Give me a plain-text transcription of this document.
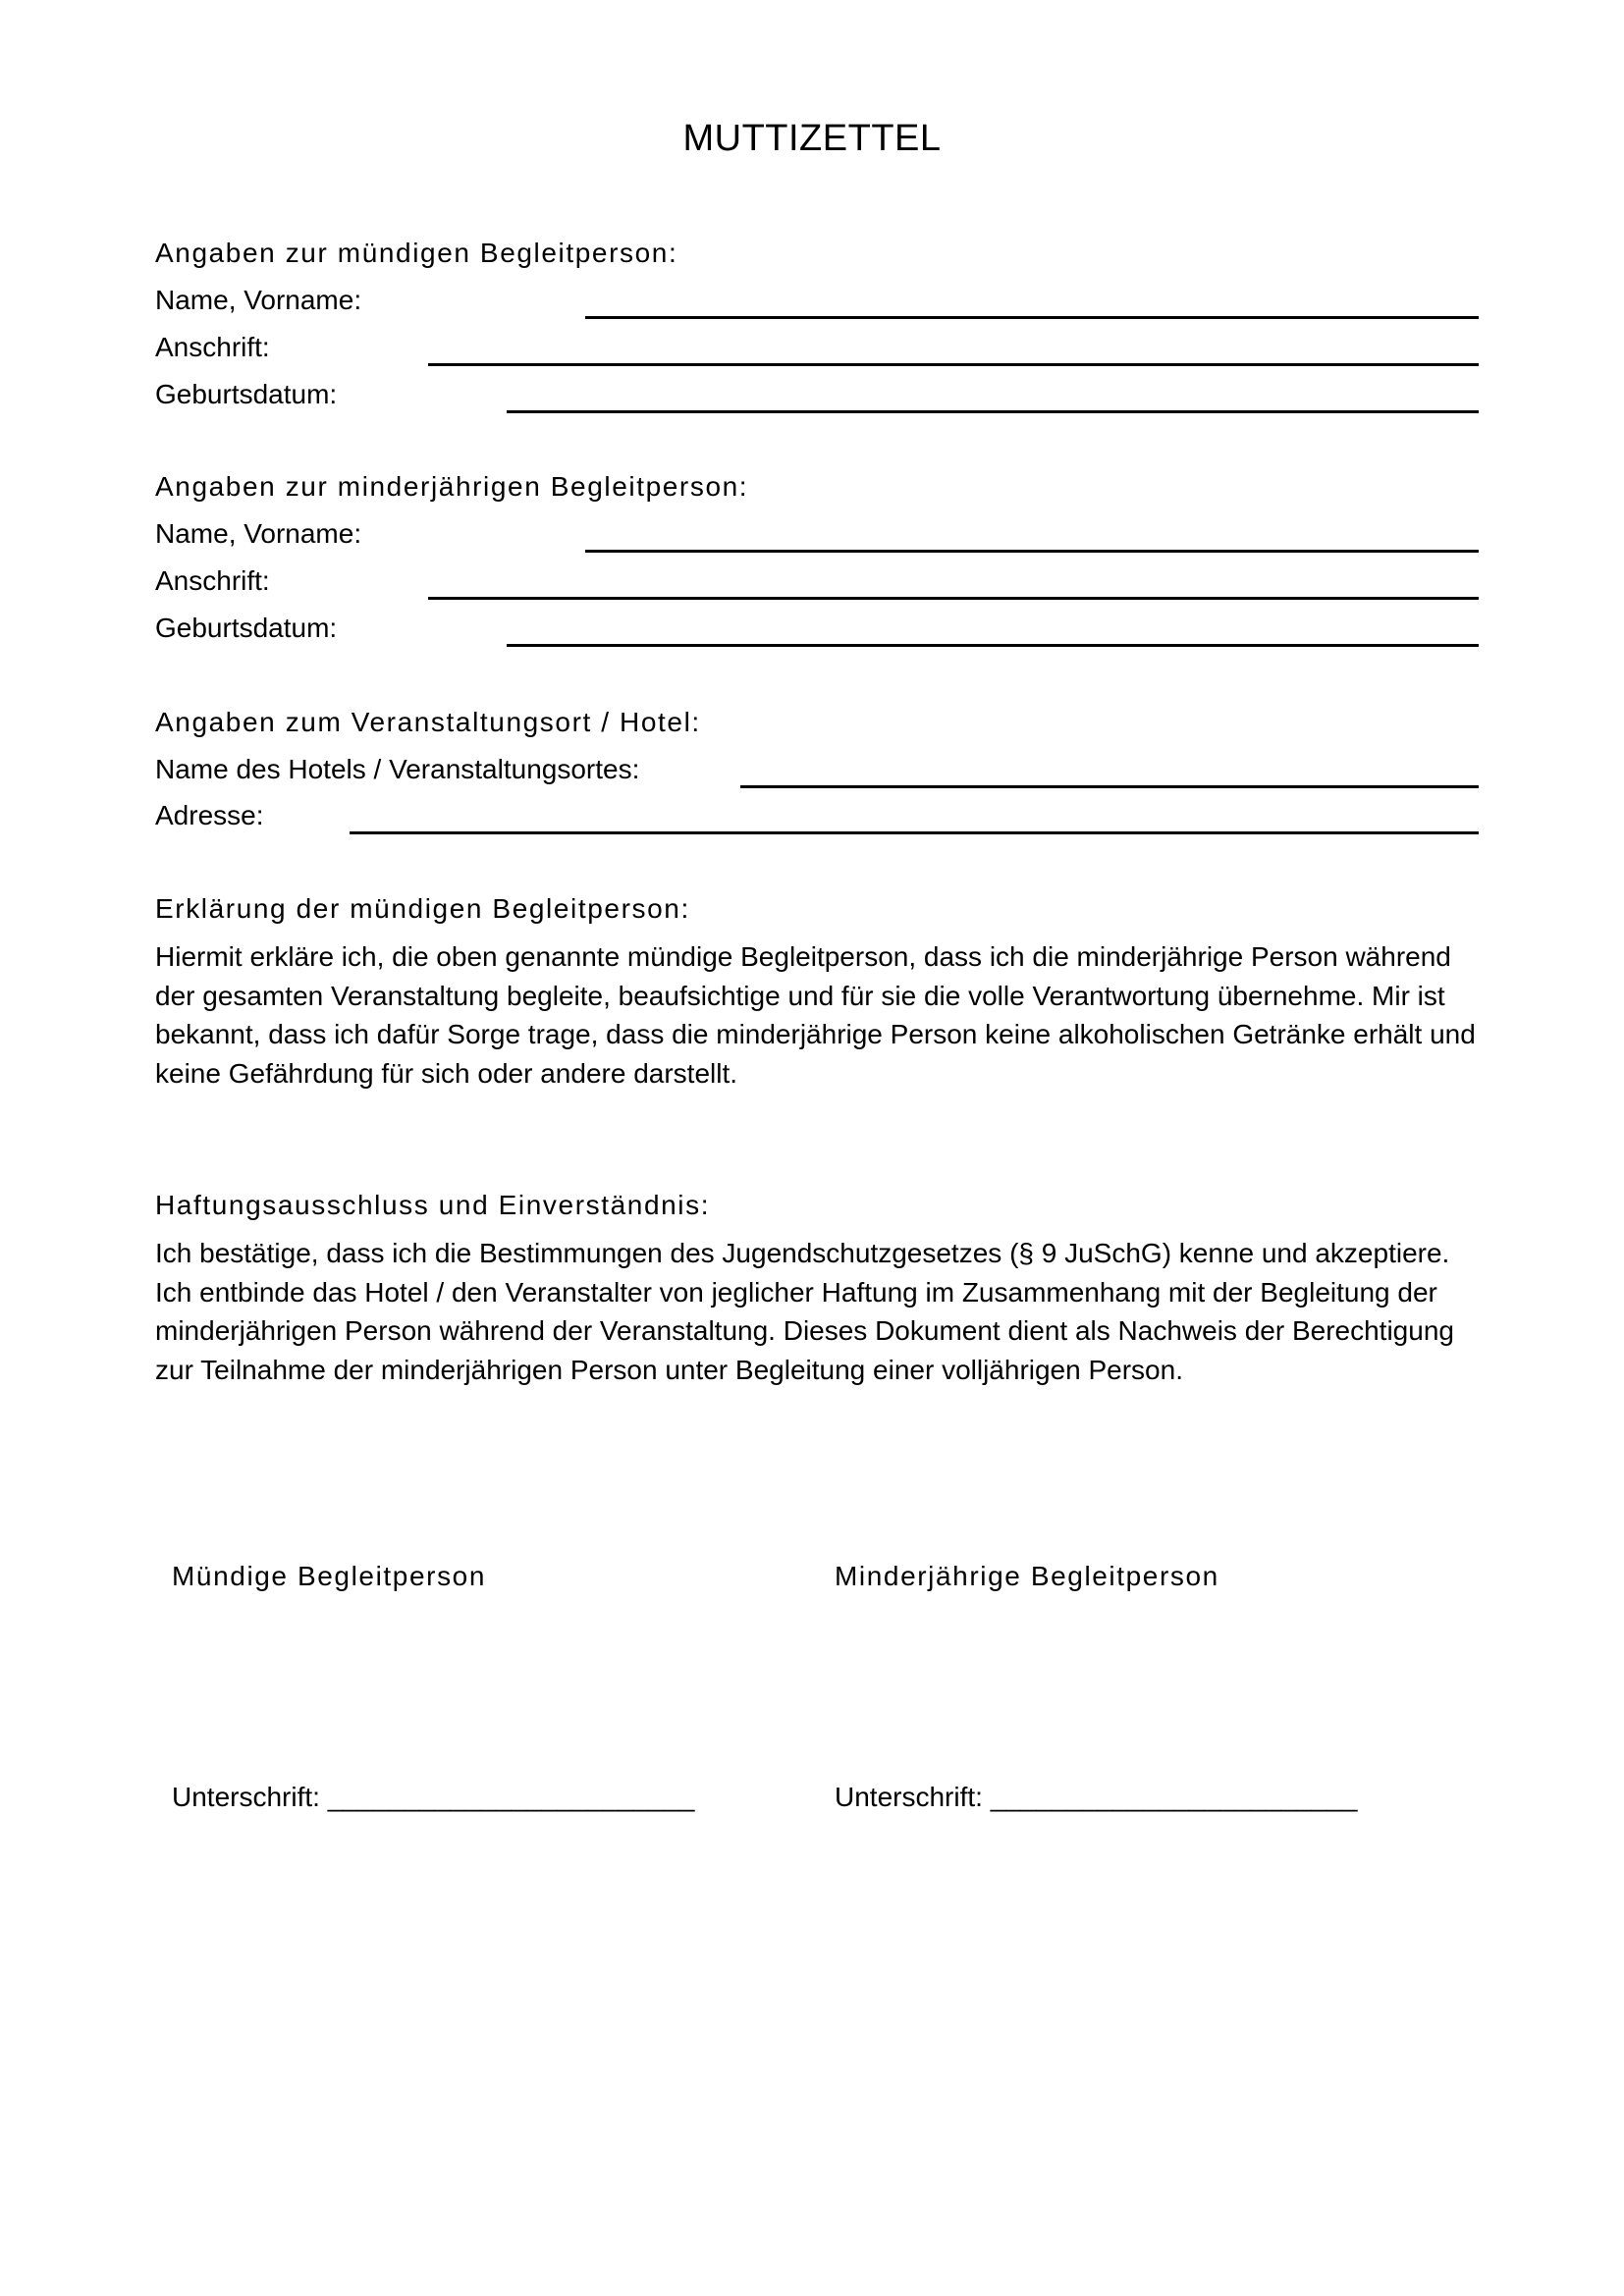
MUTTIZETTEL
Angaben zur mündigen Begleitperson:
Name, Vorname:
Anschrift:
Geburtsdatum:
Angaben zur minderjährigen Begleitperson:
Name, Vorname:
Anschrift:
Geburtsdatum:
Angaben zum Veranstaltungsort / Hotel:
Name des Hotels / Veranstaltungsortes:
Adresse:
Erklärung der mündigen Begleitperson:
Hiermit erkläre ich, die oben genannte mündige Begleitperson, dass ich die minderjährige Person während
der gesamten Veranstaltung begleite, beaufsichtige und für sie die volle Verantwortung übernehme. Mir ist
bekannt, dass ich dafür Sorge trage, dass die minderjährige Person keine alkoholischen Getränke erhält und
keine Gefährdung für sich oder andere darstellt.
Haftungsausschluss und Einverständnis:
Ich bestätige, dass ich die Bestimmungen des Jugendschutzgesetzes (§ 9 JuSchG) kenne und akzeptiere.
Ich entbinde das Hotel / den Veranstalter von jeglicher Haftung im Zusammenhang mit der Begleitung der
minderjährigen Person während der Veranstaltung. Dieses Dokument dient als Nachweis der Berechtigung
zur Teilnahme der minderjährigen Person unter Begleitung einer volljährigen Person.
Mündige Begleitperson	Minderjährige Begleitperson
Unterschrift: ________________________	Unterschrift: ________________________
